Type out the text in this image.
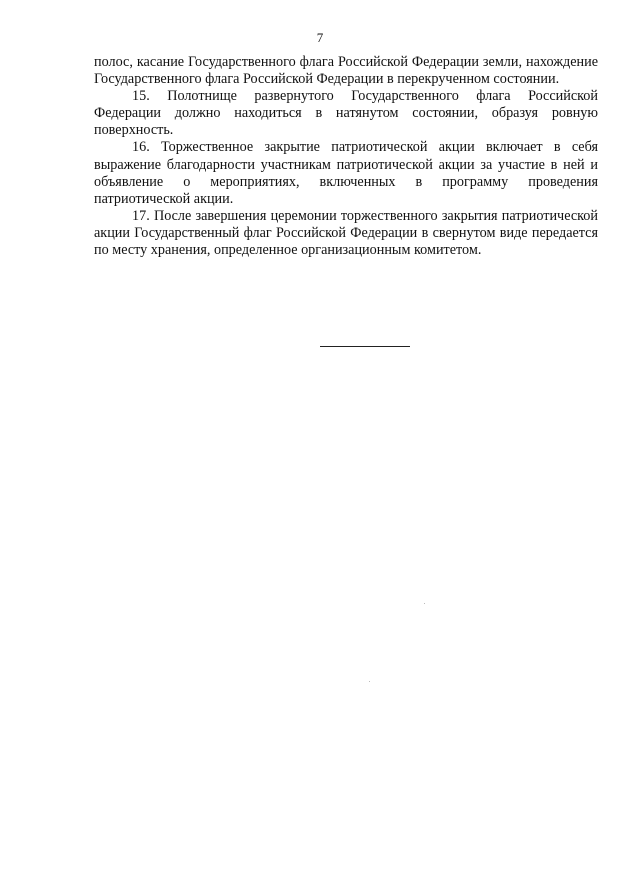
7

полос, касание Государственного флага Российской Федерации земли, нахождение Государственного флага Российской Федерации в перекрученном состоянии.

15. Полотнище развернутого Государственного флага Российской Федерации должно находиться в натянутом состоянии, образуя ровную поверхность.

16. Торжественное закрытие патриотической акции включает в себя выражение благодарности участникам патриотической акции за участие в ней и объявление о мероприятиях, включенных в программу проведения патриотической акции.

17. После завершения церемонии торжественного закрытия патриотической акции Государственный флаг Российской Федерации в свернутом виде передается по месту хранения, определенное организационным комитетом.
